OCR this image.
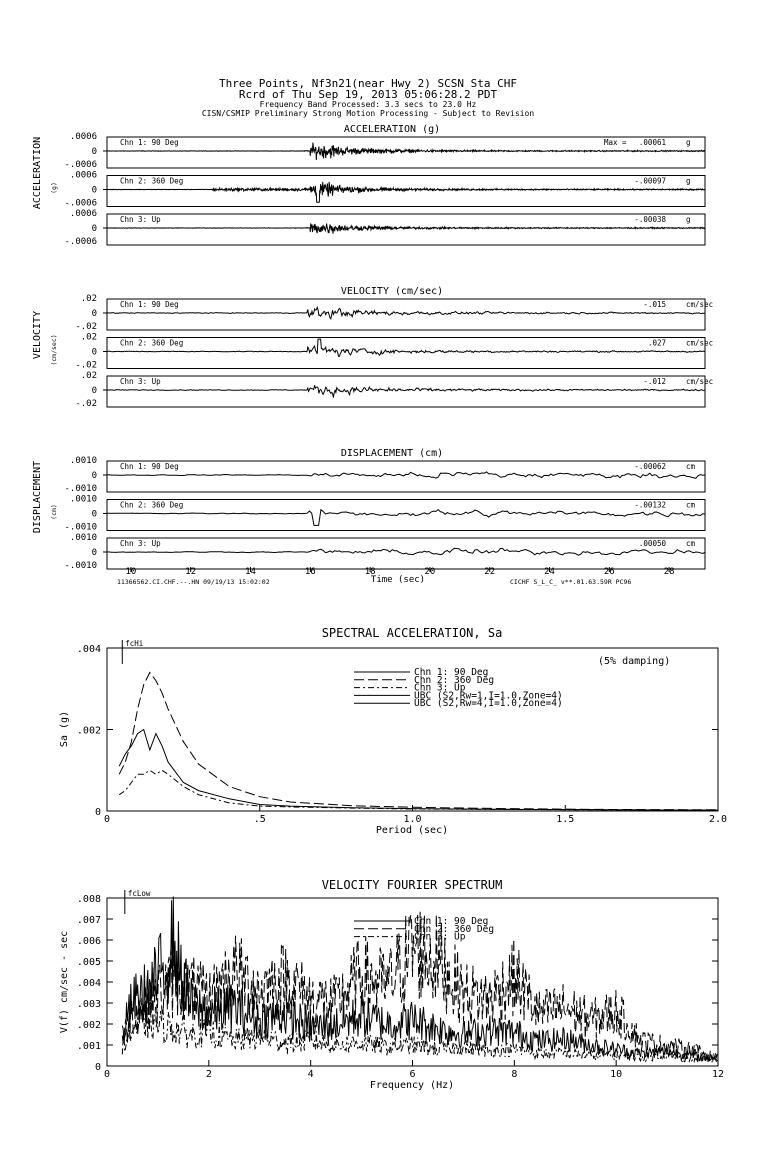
Three Points, Nf3n21(near Hwy 2) SCSN Sta CHF
Rcrd of Thu Sep 19, 2013 05:06:28.2 PDT
Frequency Band Processed: 3.3 secs to 23.0 Hz
CISN/CSMIP Preliminary Strong Motion Processing - Subject to Revision
ACCELERATION (g)
ACCELERATION (g)
.0006
0
-.0006
Chn 1: 90 Deg	Max = .00061	g
.0006
0
-.0006
Chn 2: 360 Deg	-.00097	g
.0006
0
-.0006
Chn 3: Up	-.00038	g
VELOCITY (cm/sec)
VELOCITY (cm/sec)
.02
0
-.02
Chn 1: 90 Deg	-.015	cm/sec
.02
0
-.02
Chn 2: 360 Deg	.027	cm/sec
.02
0
-.02
Chn 3: Up	-.012	cm/sec
DISPLACEMENT (cm)
DISPLACEMENT (cm)
.0010
0
-.0010
Chn 1: 90 Deg	-.00062	cm
.0010
0
-.0010
Chn 2: 360 Deg	-.00132	cm
.0010
0
-.0010
Chn 3: Up	.00050	cm
10	12	14	16	18	20	22	24	26	28
Time (sec)
11366562.CI.CHF.--.HN 09/19/13 15:02:02	CICHF S_L_C_ v**.01.63.59R PC96
SPECTRAL ACCELERATION, Sa
0	.5	1.0	1.5	2.0
0
.002
.004
fcHi
Sa (g)
Period (sec)
(5% damping)
Chn 1: 90 Deg
Chn 2: 360 Deg
Chn 3: Up
UBC (S2,Rw=1,I=1.0,Zone=4)
UBC (S2,Rw=4,I=1.0,Zone=4)
VELOCITY FOURIER SPECTRUM
0	2	4	6	8	10	12
0
.001
.002
.003
.004
.005
.006
.007
.008
fcLow
V(f) cm/sec - sec
Frequency (Hz)
Chn 1: 90 Deg
Chn 2: 360 Deg
Chn 3: Up
